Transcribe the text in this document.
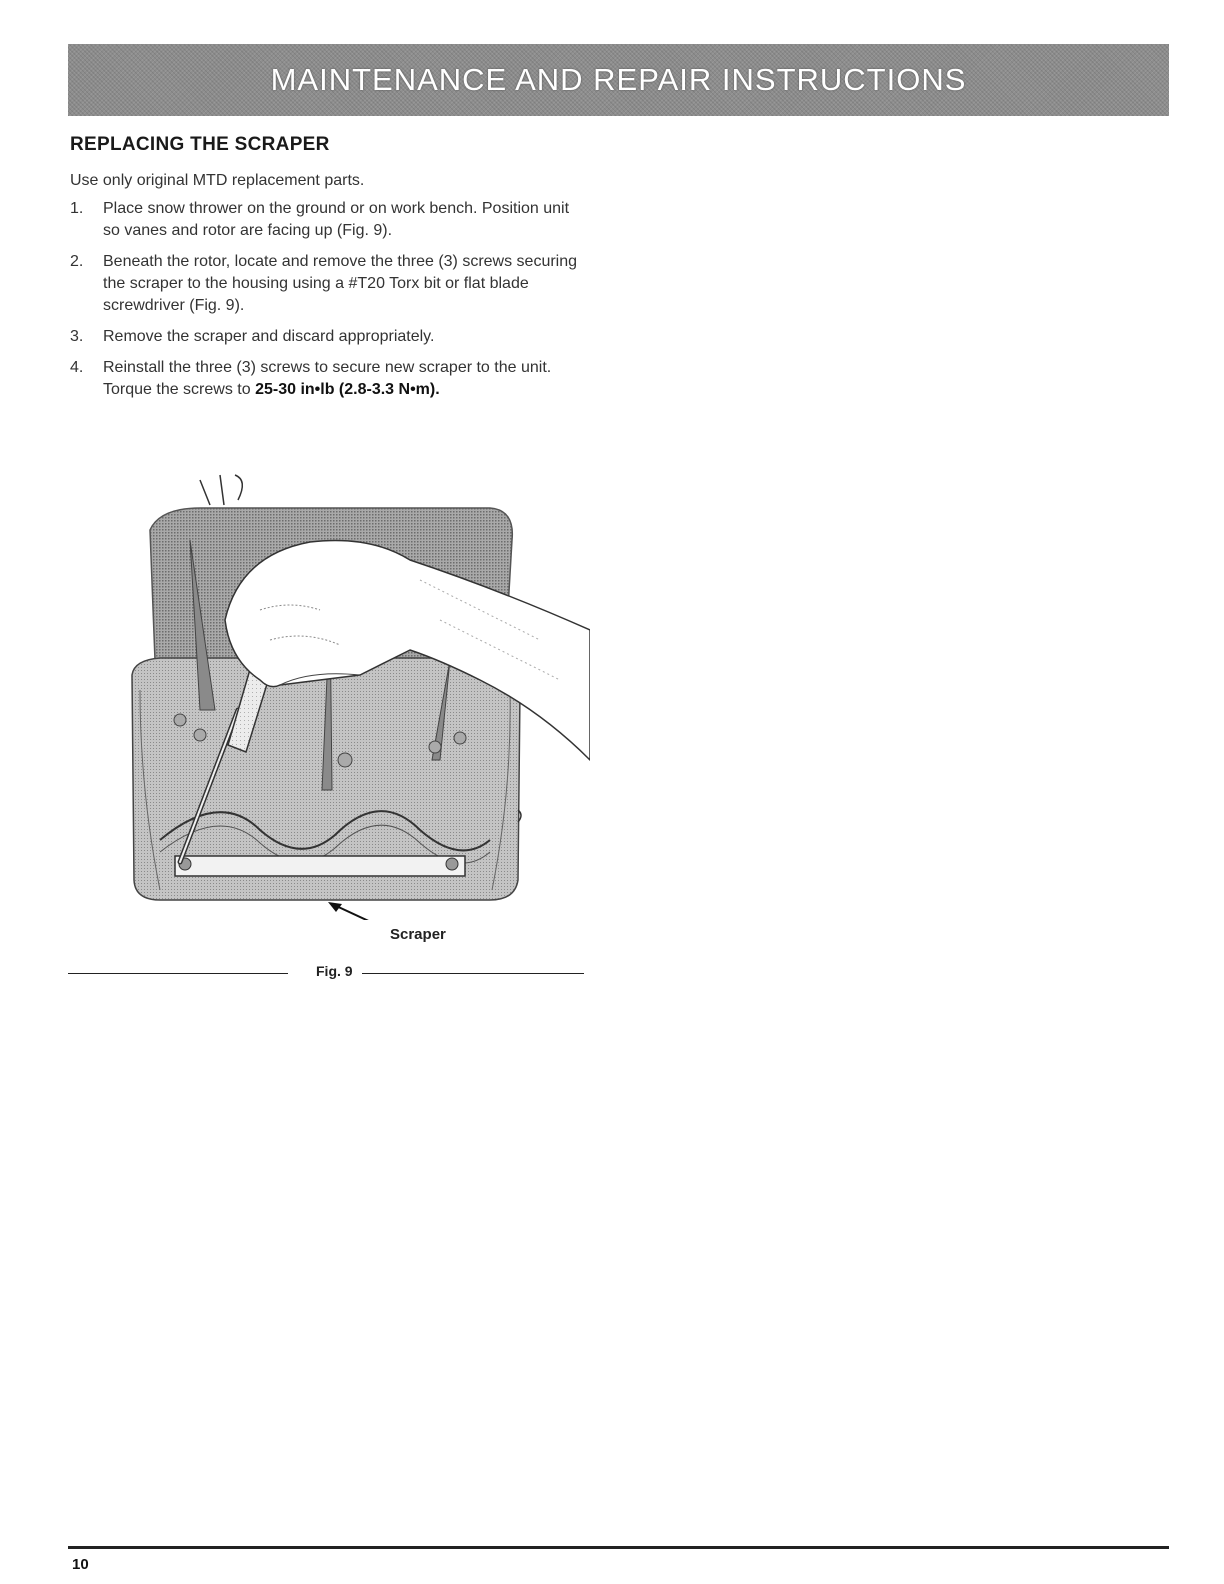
MAINTENANCE AND REPAIR INSTRUCTIONS
REPLACING THE SCRAPER

Use only original MTD replacement parts.

1. Place snow thrower on the ground or on work bench. Position unit so vanes and rotor are facing up (Fig. 9).
2. Beneath the rotor, locate and remove the three (3) screws securing the scraper to the housing using a #T20 Torx bit or flat blade screwdriver (Fig. 9).
3. Remove the scraper and discard appropriately.
4. Reinstall the three (3) screws to secure new scraper to the unit. Torque the screws to 25-30 in•lb (2.8-3.3 N•m).
Scraper
Fig. 9
10
